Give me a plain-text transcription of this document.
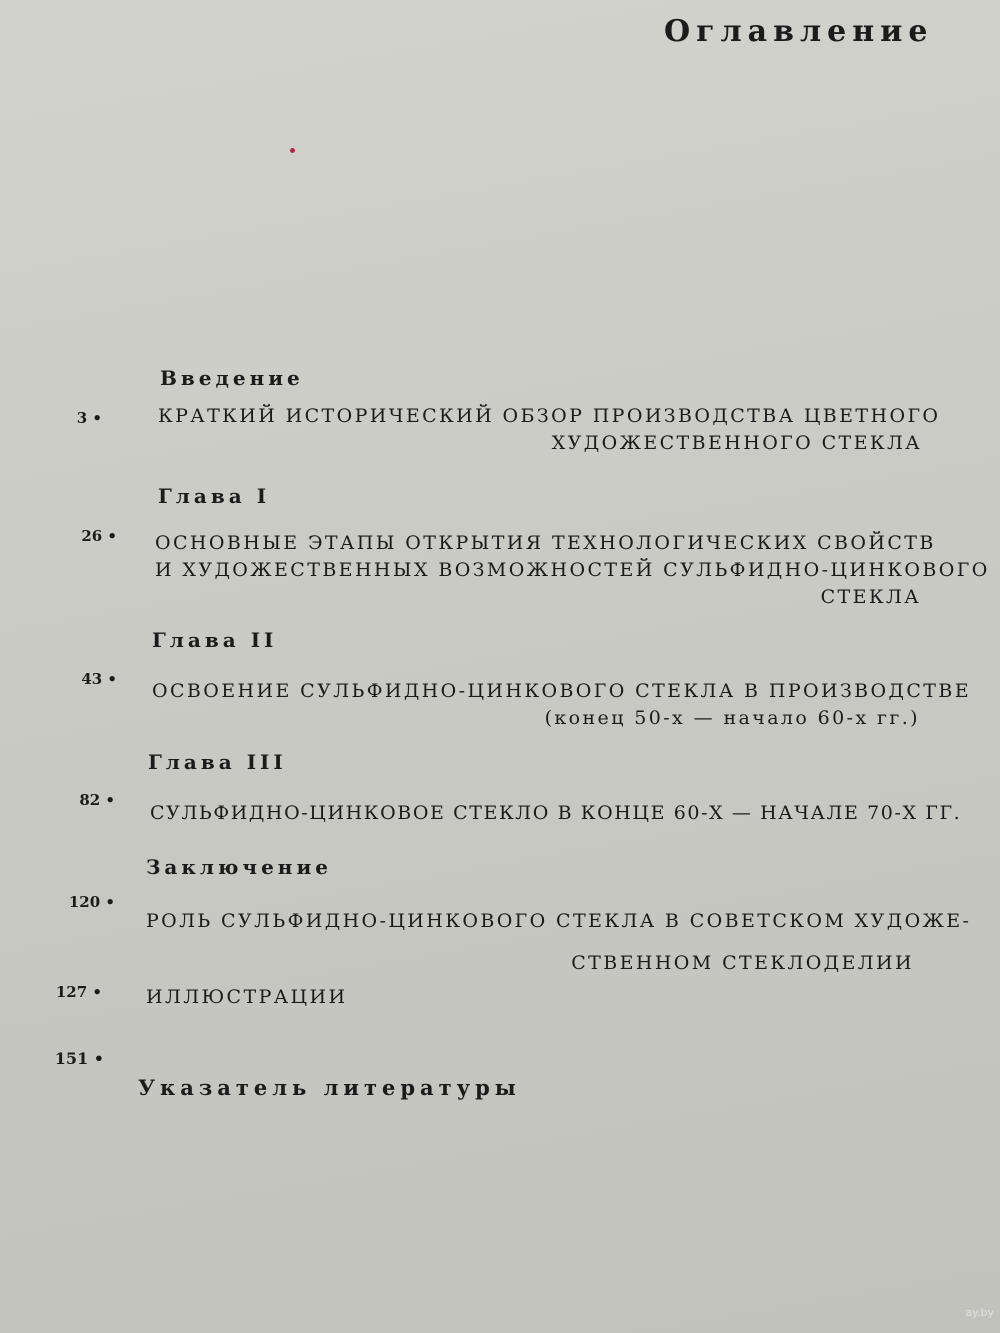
Оглавление
Введение
3 •	КРАТКИЙ ИСТОРИЧЕСКИЙ ОБЗОР ПРОИЗВОДСТВА ЦВЕТНОГО
ХУДОЖЕСТВЕННОГО СТЕКЛА
Глава I
26 • ОСНОВНЫЕ ЭТАПЫ ОТКРЫТИЯ ТЕХНОЛОГИЧЕСКИХ СВОЙСТВ
И ХУДОЖЕСТВЕННЫХ ВОЗМОЖНОСТЕЙ СУЛЬФИДНО-ЦИНКОВОГО
СТЕКЛА
Глава II
43 •
ОСВОЕНИЕ СУЛЬФИДНО-ЦИНКОВОГО СТЕКЛА В ПРОИЗВОДСТВЕ
(конец 50-х — начало 60-х гг.)
Глава III
82 •
СУЛЬФИДНО-ЦИНКОВОЕ СТЕКЛО В КОНЦЕ 60-Х — НАЧАЛЕ 70-Х ГГ.
Заключение
120 •
РОЛЬ СУЛЬФИДНО-ЦИНКОВОГО СТЕКЛА В СОВЕТСКОМ ХУДОЖЕ-
СТВЕННОМ СТЕКЛОДЕЛИИ
127 • ИЛЛЮСТРАЦИИ
151 •
Указатель литературы
ay.by
